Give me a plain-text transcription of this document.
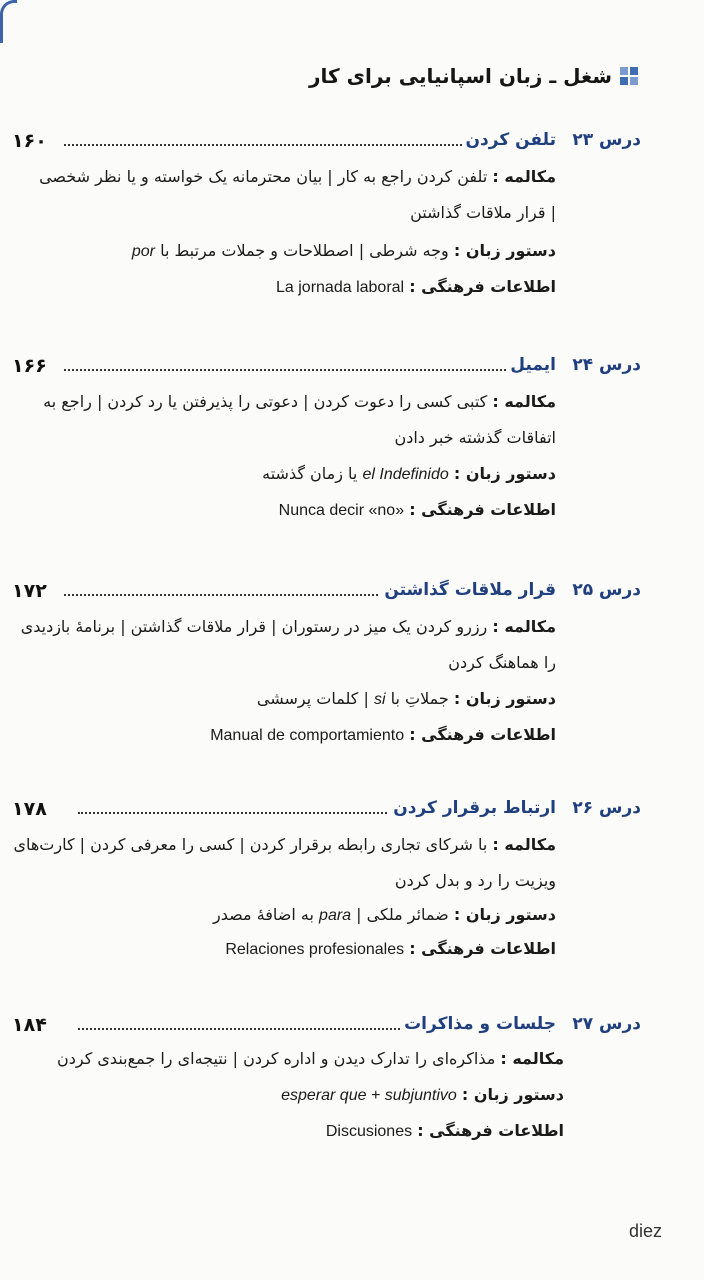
شغل ـ زبان اسپانیایی برای کار
درس ۲۳
تلفن کردن
۱۶۰
مکالمه : تلفن کردن راجع به کار | بیان محترمانه یک خواسته و یا نظر شخصی
| قرار ملاقات گذاشتن
دستور زبان : وجه شرطی | اصطلاحات و جملات مرتبط با por
اطلاعات فرهنگی : La jornada laboral
درس ۲۴
ایمیل
۱۶۶
مکالمه : کتبی کسی را دعوت کردن | دعوتی را پذیرفتن یا رد کردن | راجع به
اتفاقات گذشته خبر دادن
دستور زبان : el Indefinido یا زمان گذشته
اطلاعات فرهنگی : Nunca decir «no»
درس ۲۵
قرار ملاقات گذاشتن
۱۷۲
مکالمه : رزرو کردن یک میز در رستوران | قرار ملاقات گذاشتن | برنامهٔ بازدیدی
را هماهنگ کردن
دستور زبان : جملاتِ با si | کلمات پرسشی
اطلاعات فرهنگی : Manual de comportamiento
درس ۲۶
ارتباط برقرار کردن
۱۷۸
مکالمه : با شرکای تجاری رابطه برقرار کردن | کسی را معرفی کردن | کارت‌های
ویزیت را رد و بدل کردن
دستور زبان : ضمائر ملکی | para به اضافهٔ مصدر
اطلاعات فرهنگی : Relaciones profesionales
درس ۲۷
جلسات و مذاکرات
۱۸۴
مکالمه : مذاکره‌ای را تدارک دیدن و اداره کردن | نتیجه‌ای را جمع‌بندی کردن
دستور زبان : esperar que + subjuntivo
اطلاعات فرهنگی : Discusiones
diez
